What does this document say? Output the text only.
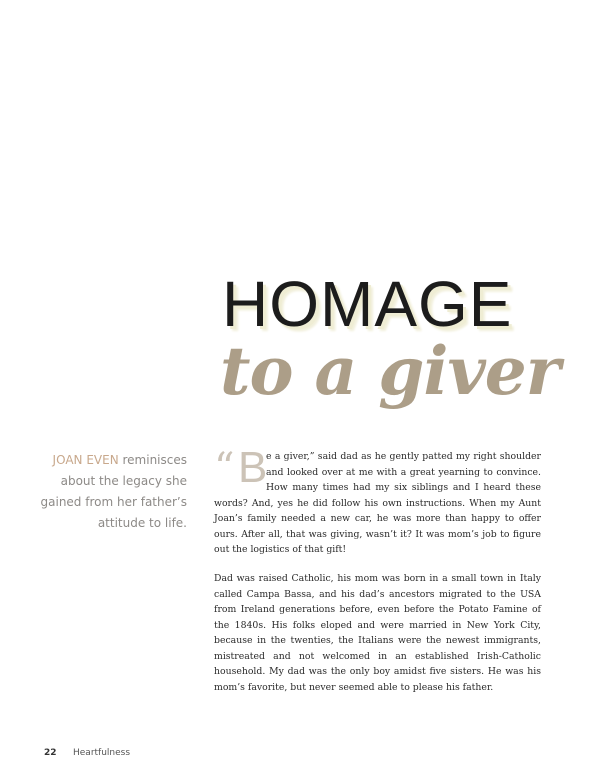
HOMAGE
to a giver
JOAN EVEN reminisces about the legacy she gained from her father’s attitude to life.
“ B

e a giver,” said dad as he gently patted my right shoulder and looked over at me with a great yearning to convince. How many times had my six siblings and I heard these words? And, yes he did follow his own instructions. When my Aunt Joan’s family needed a new car, he was more than happy to offer ours. After all, that was giving, wasn’t it? It was mom’s job to figure out the logistics of that gift!

Dad was raised Catholic, his mom was born in a small town in Italy called Campa Bassa, and his dad’s ancestors migrated to the USA from Ireland generations before, even before the Potato Famine of the 1840s. His folks eloped and were married in New York City, because in the twenties, the Italians were the newest immigrants, mistreated and not welcomed in an established Irish-Catholic household. My dad was the only boy amidst five sisters. He was his mom’s favorite, but never seemed able to please his father.

22 Heartfulness
